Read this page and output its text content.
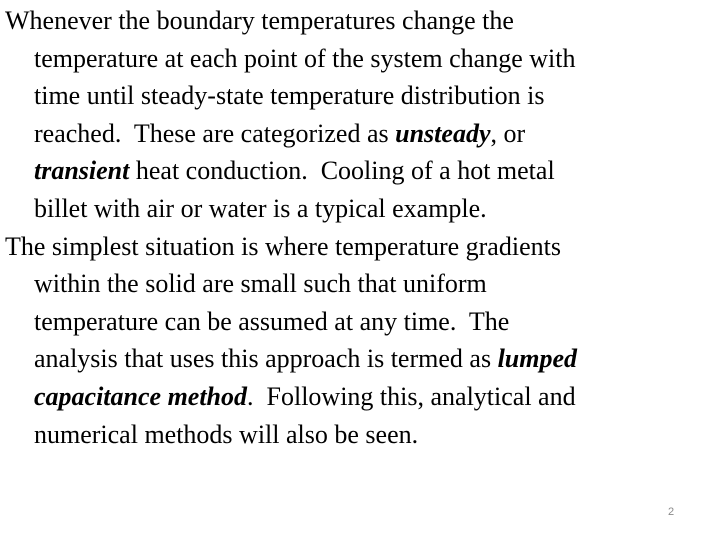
Whenever the boundary temperatures change the
temperature at each point of the system change with
time until steady-state temperature distribution is
reached.  These are categorized as unsteady, or
transient heat conduction.  Cooling of a hot metal
billet with air or water is a typical example.
The simplest situation is where temperature gradients
within the solid are small such that uniform
temperature can be assumed at any time.  The
analysis that uses this approach is termed as lumped
capacitance method.  Following this, analytical and
numerical methods will also be seen.
2
